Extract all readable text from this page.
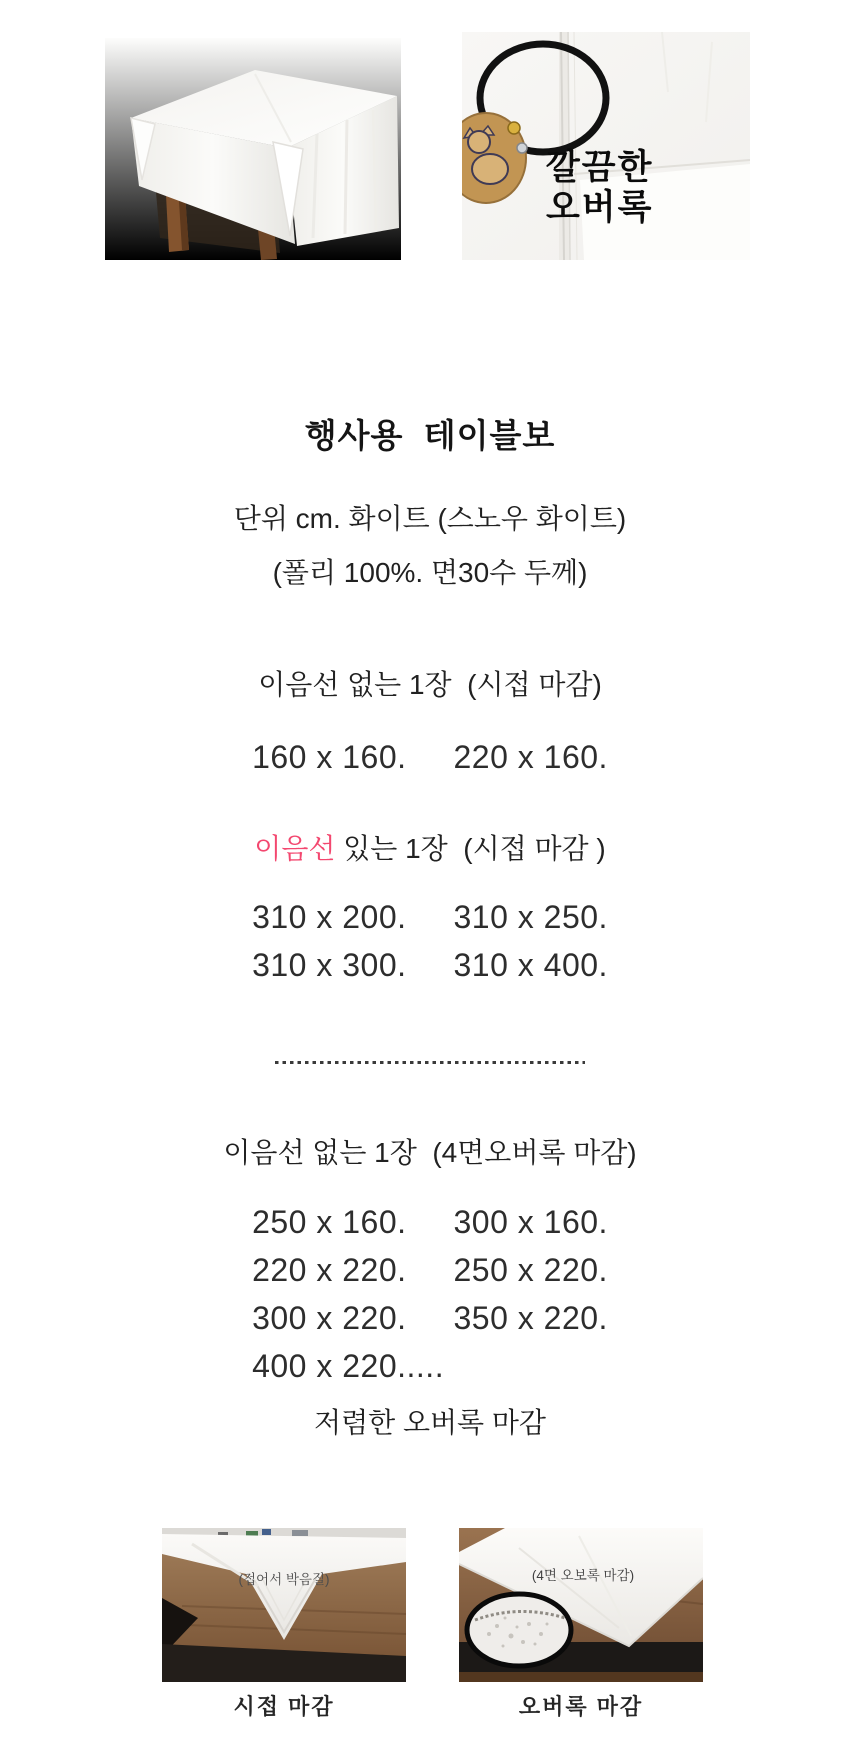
깔끔한
오버록
행사용  테이블보
단위 cm. 화이트 (스노우 화이트)
(폴리 100%. 면30수 두께)
이음선 없는 1장  (시접 마감)
160 x 160.     220 x 160.
이음선 있는 1장  (시접 마감 )
310 x 200.     310 x 250.
310 x 300.     310 x 400.
이음선 없는 1장  (4면오버록 마감)
250 x 160.     300 x 160.
220 x 220.     250 x 220.
300 x 220.     350 x 220.
400 x 220.....
저렴한 오버록 마감
(접어서 박음질)	(4면 오보록 마감)
시접 마감	오버록 마감
